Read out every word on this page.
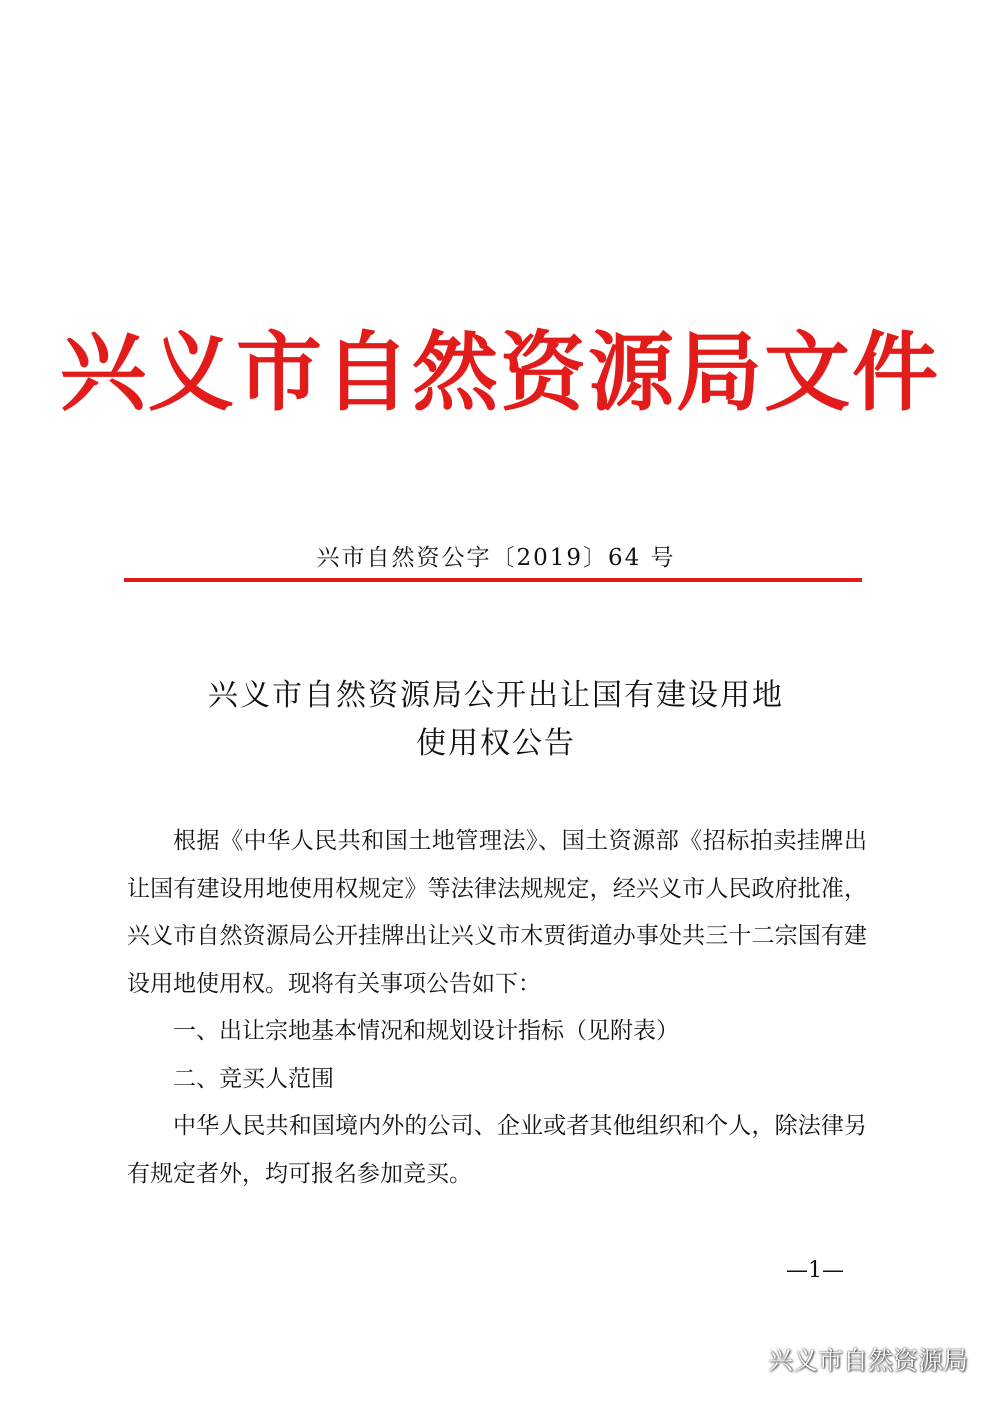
兴义市自然资源局文件
兴市自然资公字〔2019〕64 号
兴义市自然资源局公开出让国有建设用地
使用权公告

根据《中华人民共和国土地管理法》、国土资源部《招标拍卖挂牌出让国有建设用地使用权规定》等法律法规规定，经兴义市人民政府批准，兴义市自然资源局公开挂牌出让兴义市木贾街道办事处共三十二宗国有建设用地使用权。现将有关事项公告如下：

一、出让宗地基本情况和规划设计指标（见附表）

二、竞买人范围

中华人民共和国境内外的公司、企业或者其他组织和个人，除法律另有规定者外，均可报名参加竞买。

—1—
兴义市自然资源局
